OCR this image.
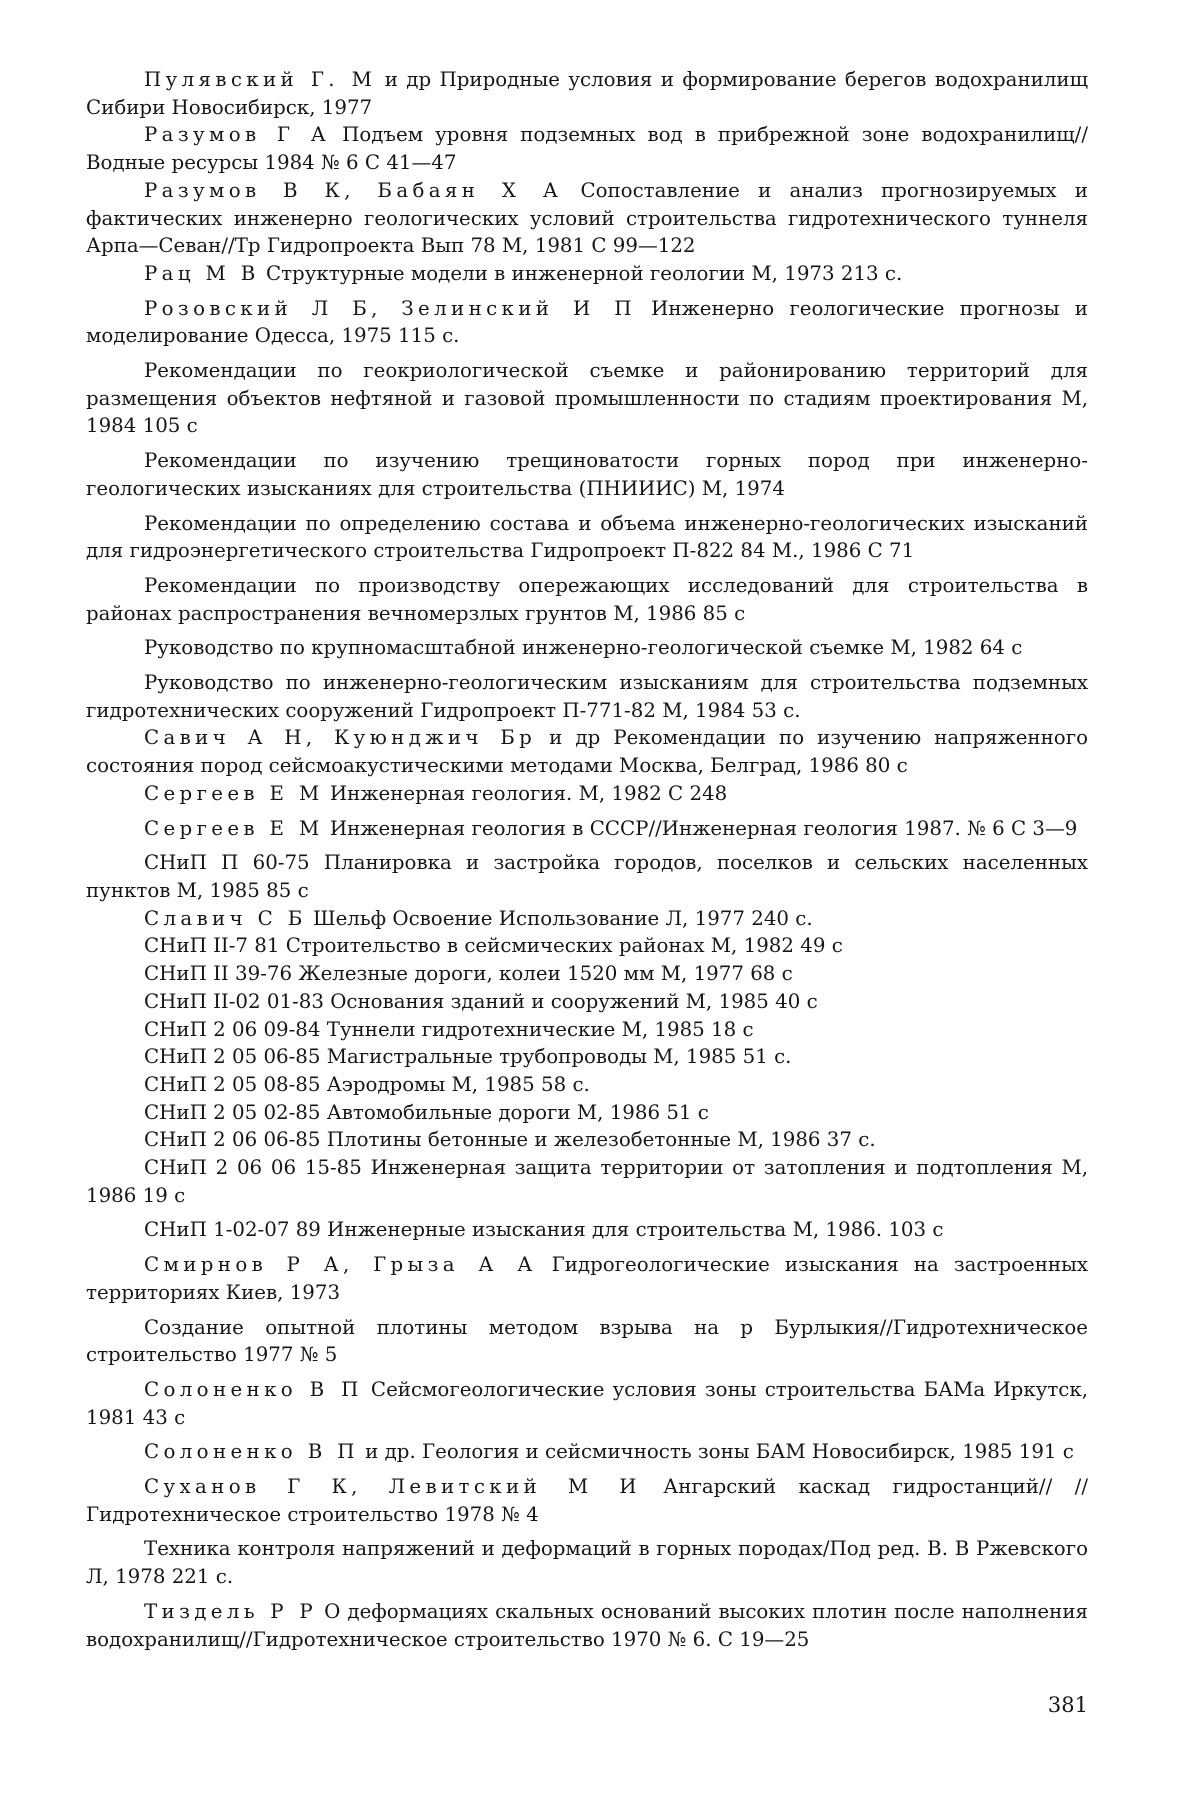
Пулявский Г. М и др Природные условия и формирование берегов водохранилищ Сибири Новосибирск, 1977

Разумов Г А Подъем уровня подземных вод в прибрежной зоне водохранилищ//Водные ресурсы 1984 № 6 С 41—47

Разумов В К, Бабаян Х А Сопоставление и анализ прогнозируемых и фактических инженерно геологических условий строительства гидротехнического туннеля Арпа—Севан//Тр Гидропроекта Вып 78 М, 1981 С 99—122

Рац М В Структурные модели в инженерной геологии М, 1973 213 с.

Розовский Л Б, Зелинский И П Инженерно геологические прогнозы и моделирование Одесса, 1975 115 с.

Рекомендации по геокриологической съемке и районированию территорий для размещения объектов нефтяной и газовой промышленности по стадиям проектирования М, 1984 105 с

Рекомендации по изучению трещиноватости горных пород при инженерно-геологических изысканиях для строительства (ПНИИИС) М, 1974

Рекомендации по определению состава и объема инженерно-геологических изысканий для гидроэнергетического строительства Гидропроект П-822 84 М., 1986 С 71

Рекомендации по производству опережающих исследований для строительства в районах распространения вечномерзлых грунтов М, 1986 85 с

Руководство по крупномасштабной инженерно-геологической съемке М, 1982 64 с

Руководство по инженерно-геологическим изысканиям для строительства подземных гидротехнических сооружений Гидропроект П-771-82 М, 1984 53 с.

Савич А Н, Куюнджич Бр и др Рекомендации по изучению напряженного состояния пород сейсмоакустическими методами Москва, Белград, 1986 80 с

Сергеев Е М Инженерная геология. М, 1982 С 248

Сергеев Е М Инженерная геология в СССР//Инженерная геология 1987. № 6 С 3—9

СНиП П 60-75 Планировка и застройка городов, поселков и сельских населенных пунктов М, 1985 85 с

Славич С Б Шельф Освоение Использование Л, 1977 240 с.

СНиП II-7 81 Строительство в сейсмических районах М, 1982 49 с

СНиП II 39-76 Железные дороги, колеи 1520 мм М, 1977 68 с

СНиП II-02 01-83 Основания зданий и сооружений М, 1985 40 с

СНиП 2 06 09-84 Туннели гидротехнические М, 1985 18 с

СНиП 2 05 06-85 Магистральные трубопроводы М, 1985 51 с.

СНиП 2 05 08-85 Аэродромы М, 1985 58 с.

СНиП 2 05 02-85 Автомобильные дороги М, 1986 51 с

СНиП 2 06 06-85 Плотины бетонные и железобетонные М, 1986 37 с.

СНиП 2 06 06 15-85 Инженерная защита территории от затопления и подтопления М, 1986 19 с

СНиП 1-02-07 89 Инженерные изыскания для строительства М, 1986. 103 с

Смирнов Р А, Грыза А А Гидрогеологические изыскания на застроенных территориях Киев, 1973

Создание опытной плотины методом взрыва на р Бурлыкия//Гидротехническое строительство 1977 № 5

Солоненко В П Сейсмогеологические условия зоны строительства БАМа Иркутск, 1981 43 с

Солоненко В П и др. Геология и сейсмичность зоны БАМ Новосибирск, 1985 191 с

Суханов Г К, Левитский М И Ангарский каскад гидростанций// //Гидротехническое строительство 1978 № 4

Техника контроля напряжений и деформаций в горных породах/Под ред. В. В Ржевского Л, 1978 221 с.

Тиздель Р Р О деформациях скальных оснований высоких плотин после наполнения водохранилищ//Гидротехническое строительство 1970 № 6. С 19—25

381
